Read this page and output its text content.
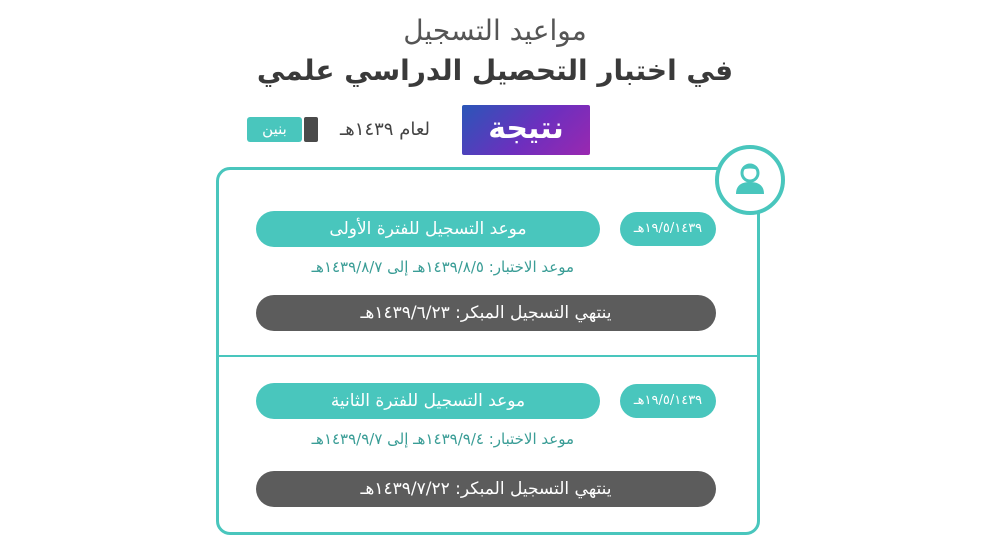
مواعيد التسجيل
في اختبار التحصيل الدراسي علمي
بنين	لعام ١٤٣٩هـ	نتيجة
موعد التسجيل للفترة الأولى	١٩/٥/١٤٣٩هـ
موعد الاختبار: ١٤٣٩/٨/٥هـ إلى ١٤٣٩/٨/٧هـ
ينتهي التسجيل المبكر: ١٤٣٩/٦/٢٣هـ
موعد التسجيل للفترة الثانية	١٩/٥/١٤٣٩هـ
موعد الاختبار: ١٤٣٩/٩/٤هـ إلى ١٤٣٩/٩/٧هـ
ينتهي التسجيل المبكر: ١٤٣٩/٧/٢٢هـ
